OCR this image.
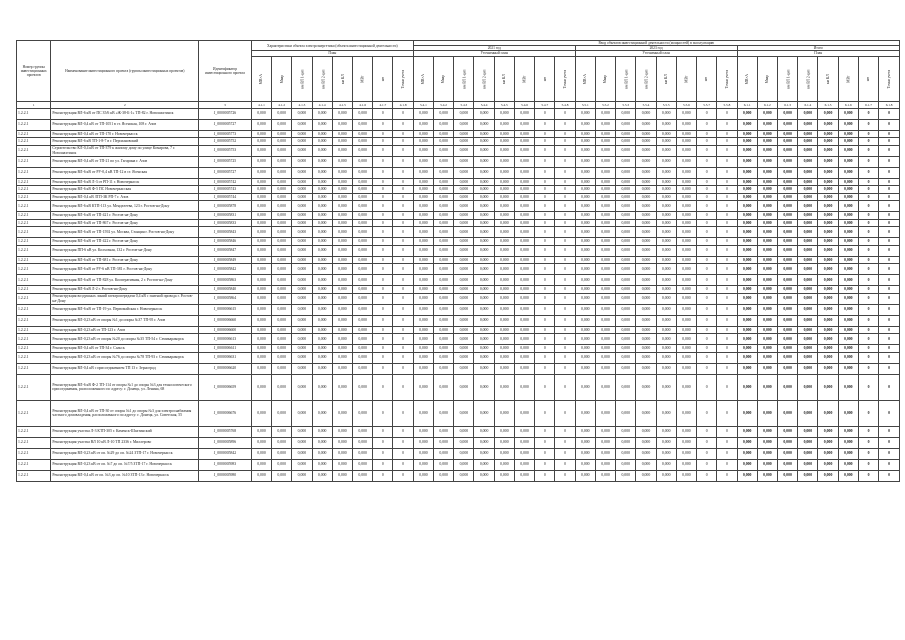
Номер группы инвестиционных проектов	Наименование инвестиционного проекта (группы инвестиционных проектов)	Идентификатор инвестиционного проекта	Характеристики объекта электроэнергетики (объекта инвестиционной деятельности)								Ввод объектов инвестиционной деятельности (мощностей) в эксплуатацию																							
											2021 год								2023 год								Итого							
			План								Уточненный план								Уточненный план								План							
			МВ×А	Мвар	км ВЛ 1-цеп	км ВЛ 2-цеп	км КЛ	МВт	шт	Точки учета	МВ×А	Мвар	км ВЛ 1-цеп	км ВЛ 2-цеп	км КЛ	МВт	шт	Точки учета	МВ×А	Мвар	км ВЛ 1-цеп	км ВЛ 2-цеп	км КЛ	МВт	шт	Точки учета	МВ×А	Мвар	км ВЛ 1-цеп	км ВЛ 2-цеп	км КЛ	МВт	шт	Точки учета
1	2	3	4.1.1	4.1.2	4.1.3	4.1.4	4.1.5	4.1.6	4.1.7	4.1.8	5.4.1	5.4.2	5.4.3	5.4.4	5.4.5	5.4.6	5.4.7	5.4.8	5.5.1	5.5.2	5.5.3	5.5.4	5.5.5	5.5.6	5.5.7	5.5.8	6.1.1	6.1.2	6.1.3	6.1.4	6.1.5	6.1.6	6.1.7	6.1.8
1.2.2.1	Реконструкция ВЛ-6 кВ от ПС 35/6 кВ «Ж-38-Б-1» ТП-82 г. Новошахтинск	J_0000005726	0,000	0,000	0,000	0,000	0,000	0,000	0	0	0,000	0,000	0,000	0,000	0,000	0,000	0	0	0,000	0,000	0,000	0,000	0,000	0,000	0	0	0,000	0,000	0,000	0,000	0,000	0,000	0	0
1.2.2.1	Реконструкция ВЛ-0,4 кВ от ТП-1051 в ст. Ясенская, 108 г. Азов	J_0000005727	0,000	0,000	0,000	0,000	0,000	0,000	0	0	0,000	0,000	0,000	0,000	0,000	0,000	0	0	0,000	0,000	0,000	0,000	0,000	0,000	0	0	0,000	0,000	0,000	0,000	0,000	0,000	0	0
1.2.2.1	Реконструкция ВЛ-0,4 кВ от ТП-170 г. Новочеркасск	J_0000005773	0,000	0,000	0,000	0,000	0,000	0,000	0	0	0,000	0,000	0,000	0,000	0,000	0,000	0	0	0,000	0,000	0,000	0,000	0,000	0,000	0	0	0,000	0,000	0,000	0,000	0,000	0,000	0	0
1.2.2.1	Реконструкция ВЛ-6 кВ ТП-1-8-7 в г. Персиановский	J_0000005752	0,000	0,000	0,000	0,000	0,000	0,000	0	0	0,000	0,000	0,000	0,000	0,000	0,000	0	0	0,000	0,000	0,000	0,000	0,000	0,000	0	0	0,000	0,000	0,000	0,000	0,000	0,000	0	0
1.2.2.1	Строительство КЛ-0,4 кВ от ТП-379 к жилому дому по улице Комарова, 7 г. Новошахтинск	J_0000005753	0,000	0,000	0,000	0,000	0,000	0,000	0	0	0,000	0,000	0,000	0,000	0,000	0,000	0	0	0,000	0,000	0,000	0,000	0,000	0,000	0	0	0,000	0,000	0,000	0,000	0,000	0,000	0	0
1.2.2.1	Реконструкция ВЛ-0,4 кВ от ТП-21 по ул. Гагарина г. Азов	J_0000005725	0,000	0,000	0,000	0,000	0,000	0,000	0	0	0,000	0,000	0,000	0,000	0,000	0,000	0	0	0,000	0,000	0,000	0,000	0,000	0,000	0	0	0,000	0,000	0,000	0,000	0,000	0,000	0	0
1.2.2.1	Реконструкция ВЛ-6 кВ от РУ-0,4 кВ ТП-12 в ст. Ясенская	J_0000005727	0,000	0,000	0,000	0,000	0,000	0,000	0	0	0,000	0,000	0,000	0,000	0,000	0,000	0	0	0,000	0,000	0,000	0,000	0,000	0,000	0	0	0,000	0,000	0,000	0,000	0,000	0,000	0	0
1.2.2.1	Реконструкция ВЛ-6 кВ Л-3 от РП-11 г. Новочеркасск	J_0000005742	0,000	0,000	0,000	0,000	0,000	0,000	0	0	0,000	0,000	0,000	0,000	0,000	0,000	0	0	0,000	0,000	0,000	0,000	0,000	0,000	0	0	0,000	0,000	0,000	0,000	0,000	0,000	0	0
1.2.2.1	Реконструкция ВЛ-6 кВ Ф-5 ПС Новочеркасская	J_0000005743	0,000	0,000	0,000	0,000	0,000	0,000	0	0	0,000	0,000	0,000	0,000	0,000	0,000	0	0	0,000	0,000	0,000	0,000	0,000	0,000	0	0	0,000	0,000	0,000	0,000	0,000	0,000	0	0
1.2.2.1	Реконструкция ВЛ-0,4 кВ ЗТП-ЗК РП-7 г. Азов	J_0000005744	0,000	0,000	0,000	0,000	0,000	0,000	0	0	0,000	0,000	0,000	0,000	0,000	0,000	0	0	0,000	0,000	0,000	0,000	0,000	0,000	0	0	0,000	0,000	0,000	0,000	0,000	0,000	0	0
1.2.2.1	Реконструкция ВЛ-6 кВ КТП-113 ул. Менделеева, 123 г. Ростов-на-Дону	J_0000005878	0,000	0,000	0,000	0,000	0,000	0,000	0	0	0,000	0,000	0,000	0,000	0,000	0,000	0	0	0,000	0,000	0,000	0,000	0,000	0,000	0	0	0,000	0,000	0,000	0,000	0,000	0,000	0	0
1.2.2.1	Реконструкция ВЛ-6 кВ от ТП-421 г. Ростов-на-Дону	J_0000005831	0,000	0,000	0,000	0,000	0,000	0,000	0	0	0,000	0,000	0,000	0,000	0,000	0,000	0	0	0,000	0,000	0,000	0,000	0,000	0,000	0	0	0,000	0,000	0,000	0,000	0,000	0,000	0	0
1.2.2.1	Реконструкция ВЛ-6 кВ от ТП-867 г. Ростов-на-Дону	J_0000005833	0,000	0,000	0,000	0,000	0,000	0,000	0	0	0,000	0,000	0,000	0,000	0,000	0,000	0	0	0,000	0,000	0,000	0,000	0,000	0,000	0	0	0,000	0,000	0,000	0,000	0,000	0,000	0	0
1.2.2.1	Реконструкция ВЛ-6 кВ от ТП-1592 ул. Москва, Станция г. Ростов-на-Дону	J_0000005843	0,000	0,000	0,000	0,000	0,000	0,000	0	0	0,000	0,000	0,000	0,000	0,000	0,000	0	0	0,000	0,000	0,000	0,000	0,000	0,000	0	0	0,000	0,000	0,000	0,000	0,000	0,000	0	0
1.2.2.1	Реконструкция ВЛ-6 кВ от ТП-422 г. Ростов-на-Дону	J_0000005846	0,000	0,000	0,000	0,000	0,000	0,000	0	0	0,000	0,000	0,000	0,000	0,000	0,000	0	0	0,000	0,000	0,000	0,000	0,000	0,000	0	0	0,000	0,000	0,000	0,000	0,000	0,000	0	0
1.2.2.1	Реконструкция ПП-6 кВ ул. Колхозная, 132 г. Ростов-на-Дону	J_0000005847	0,000	0,000	0,000	0,000	0,000	0,000	0	0	0,000	0,000	0,000	0,000	0,000	0,000	0	0	0,000	0,000	0,000	0,000	0,000	0,000	0	0	0,000	0,000	0,000	0,000	0,000	0,000	0	0
1.2.2.1	Реконструкция ВЛ-6 кВ от ТП-681 г. Ростов-на-Дону	J_0000005849	0,000	0,000	0,000	0,000	0,000	0,000	0	0	0,000	0,000	0,000	0,000	0,000	0,000	0	0	0,000	0,000	0,000	0,000	0,000	0,000	0	0	0,000	0,000	0,000	0,000	0,000	0,000	0	0
1.2.2.1	Реконструкция ВЛ-6 кВ от РУ-6 кВ ТП-381 г. Ростов-на-Дону	J_0000005842	0,000	0,000	0,000	0,000	0,000	0,000	0	0	0,000	0,000	0,000	0,000	0,000	0,000	0	0	0,000	0,000	0,000	0,000	0,000	0,000	0	0	0,000	0,000	0,000	0,000	0,000	0,000	0	0
1.2.2.1	Реконструкция ВЛ-6 кВ от ТП-828 ул. Кооперативная, 2 г. Ростов-на-Дону	J_0000005863	0,000	0,000	0,000	0,000	0,000	0,000	0	0	0,000	0,000	0,000	0,000	0,000	0,000	0	0	0,000	0,000	0,000	0,000	0,000	0,000	0	0	0,000	0,000	0,000	0,000	0,000	0,000	0	0
1.2.2.1	Реконструкция ВЛ-6 кВ Л-2 г. Ростов-на-Дону	J_0000005840	0,000	0,000	0,000	0,000	0,000	0,000	0	0	0,000	0,000	0,000	0,000	0,000	0,000	0	0	0,000	0,000	0,000	0,000	0,000	0,000	0	0	0,000	0,000	0,000	0,000	0,000	0,000	0	0
1.2.2.1	Реконструкция воздушных линий электропередачи 0,4 кВ с заменой провода г. Ростов-на-Дону	J_0000005864	0,000	0,000	0,000	0,000	0,000	0,000	0	0	0,000	0,000	0,000	0,000	0,000	0,000	0	0	0,000	0,000	0,000	0,000	0,000	0,000	0	0	0,000	0,000	0,000	0,000	0,000	0,000	0	0
1.2.2.1	Реконструкция ВЛ-6 кВ от ТП-19 ул. Первомайская г. Новочеркасск	J_0000006615	0,000	0,000	0,000	0,000	0,000	0,000	0	0	0,000	0,000	0,000	0,000	0,000	0,000	0	0	0,000	0,000	0,000	0,000	0,000	0,000	0	0	0,000	0,000	0,000	0,000	0,000	0,000	0	0
1.2.2.1	Реконструкция ВЛ-0,23 кВ от опоры №1 до опоры №37 ТП-95 г. Азов	J_0000006660	0,000	0,000	0,000	0,000	0,000	0,000	0	0	0,000	0,000	0,000	0,000	0,000	0,000	0	0	0,000	0,000	0,000	0,000	0,000	0,000	0	0	0,000	0,000	0,000	0,000	0,000	0,000	0	0
1.2.2.1	Реконструкция ВЛ-0,23 кВ от ТП-123 г. Азов	J_0000006600	0,000	0,000	0,000	0,000	0,000	0,000	0	0	0,000	0,000	0,000	0,000	0,000	0,000	0	0	0,000	0,000	0,000	0,000	0,000	0,000	0	0	0,000	0,000	0,000	0,000	0,000	0,000	0	0
1.2.2.1	Реконструкция ВЛ-0,23 кВ от опоры №20 до опоры №35 ТП-54 г. Семикаракорск	J_0000006613	0,000	0,000	0,000	0,000	0,000	0,000	0	0	0,000	0,000	0,000	0,000	0,000	0,000	0	0	0,000	0,000	0,000	0,000	0,000	0,000	0	0	0,000	0,000	0,000	0,000	0,000	0,000	0	0
1.2.2.1	Реконструкция ВЛ-0,4 кВ от ТП-34 г. Сальск	J_0000006611	0,000	0,000	0,000	0,000	0,000	0,000	0	0	0,000	0,000	0,000	0,000	0,000	0,000	0	0	0,000	0,000	0,000	0,000	0,000	0,000	0	0	0,000	0,000	0,000	0,000	0,000	0,000	0	0
1.2.2.1	Реконструкция ВЛ-0,23 кВ от опоры №76 до опоры №78 ТП-93 г. Семикаракорск	J_0000006631	0,000	0,000	0,000	0,000	0,000	0,000	0	0	0,000	0,000	0,000	0,000	0,000	0,000	0	0	0,000	0,000	0,000	0,000	0,000	0,000	0	0	0,000	0,000	0,000	0,000	0,000	0,000	0	0
1.2.2.1	Реконструкция ВЛ-0,4 кВ с присоединением ТП 13 г. Зерноград	J_0000006620	0,000	0,000	0,000	0,000	0,000	0,000	0	0	0,000	0,000	0,000	0,000	0,000	0,000	0	0	0,000	0,000	0,000	0,000	0,000	0,000	0	0	0,000	0,000	0,000	0,000	0,000	0,000	0	0
1.2.2.1	Реконструкция ВЛ-6 кВ Ф-2 ТП-114 от опоры №1 до опоры №3 для технологического присоединения, расположенного по адресу: г. Донецк, ул. Ленина, 68	J_0000006659	0,000	0,000	0,000	0,000	0,000	0,000	0	0	0,000	0,000	0,000	0,000	0,000	0,000	0	0	0,000	0,000	0,000	0,000	0,000	0,000	0	0	0,000	0,000	0,000	0,000	0,000	0,000	0	0
1.2.2.1	Реконструкция ВЛ-0,4 кВ от ТП-30 от опоры №1 до опоры №3 для электроснабжения частного домовладения, расположенного по адресу: г. Донецк, ул. Советская, 55	J_0000006676	0,000	0,000	0,000	0,000	0,000	0,000	0	0	0,000	0,000	0,000	0,000	0,000	0,000	0	0	0,000	0,000	0,000	0,000	0,000	0,000	0	0	0,000	0,000	0,000	0,000	0,000	0,000	0	0
1.2.2.1	Реконструкция участка Л-3 КТП-305 г. Каменск-Шахтинский	J_0000005768	0,000	0,000	0,000	0,000	0,000	0,000	0	0	0,000	0,000	0,000	0,000	0,000	0,000	0	0	0,000	0,000	0,000	0,000	0,000	0,000	0	0	0,000	0,000	0,000	0,000	0,000	0,000	0	0
1.2.2.1	Реконструкция участка ВЛ 10 кВ Л-10 ТП 2336 г. Миллерово	J_0000005896	0,000	0,000	0,000	0,000	0,000	0,000	0	0	0,000	0,000	0,000	0,000	0,000	0,000	0	0	0,000	0,000	0,000	0,000	0,000	0,000	0	0	0,000	0,000	0,000	0,000	0,000	0,000	0	0
1.2.2.1	Реконструкция ВЛ-0,23 кВ от оп. №29 до оп. №24 ЗТП-17 г. Новочеркасск	J_0000005842	0,000	0,000	0,000	0,000	0,000	0,000	0	0	0,000	0,000	0,000	0,000	0,000	0,000	0	0	0,000	0,000	0,000	0,000	0,000	0,000	0	0	0,000	0,000	0,000	0,000	0,000	0,000	0	0
1.2.2.1	Реконструкция ВЛ-0,23 кВ от оп. №7 до оп. №7/5 ЗТП-17 г. Новочеркасск	J_0000005983	0,000	0,000	0,000	0,000	0,000	0,000	0	0	0,000	0,000	0,000	0,000	0,000	0,000	0	0	0,000	0,000	0,000	0,000	0,000	0,000	0	0	0,000	0,000	0,000	0,000	0,000	0,000	0	0
1.2.2.1	Реконструкция ВЛ-0,4 кВ от оп. №3 до оп. №10 ЗТП-13 г. Новочеркасск	J_0000005980	0,000	0,000	0,000	0,000	0,000	0,000	0	0	0,000	0,000	0,000	0,000	0,000	0,000	0	0	0,000	0,000	0,000	0,000	0,000	0,000	0	0	0,000	0,000	0,000	0,000	0,000	0,000	0	0
